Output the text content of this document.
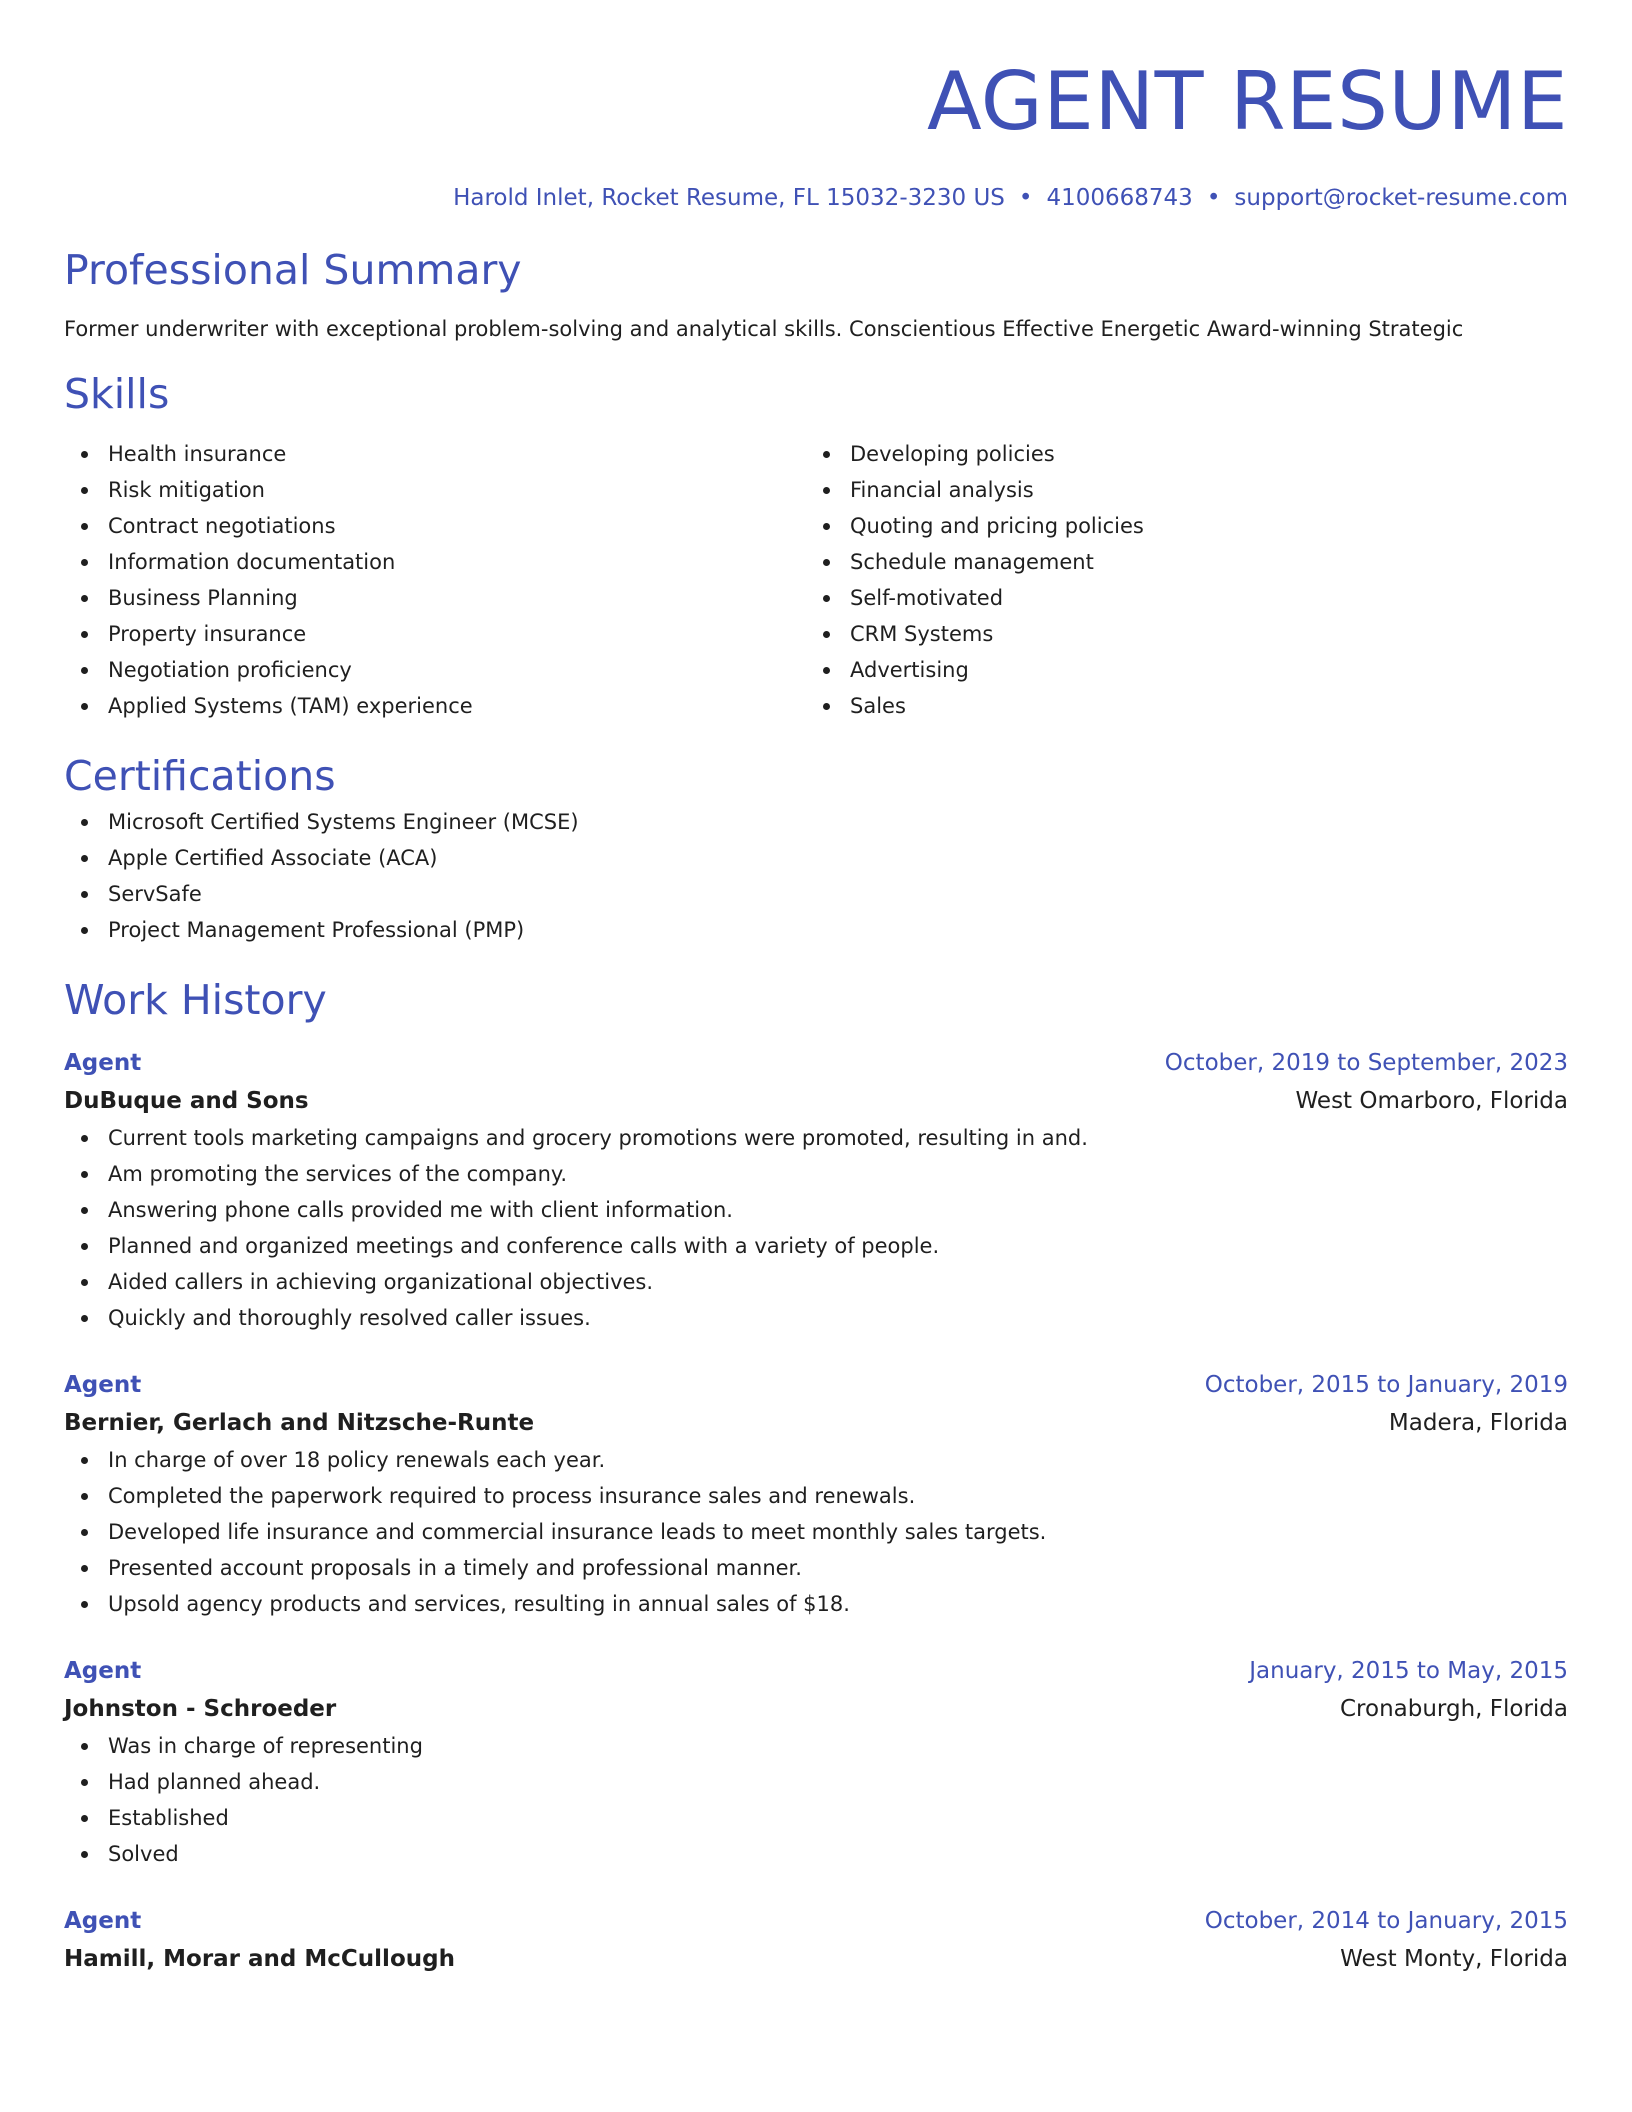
AGENT RESUME
Harold Inlet, Rocket Resume, FL 15032-3230 US • 4100668743 • support@rocket-resume.com
Professional Summary
Former underwriter with exceptional problem-solving and analytical skills. Conscientious Effective Energetic Award-winning Strategic
Skills
Health insurance
Risk mitigation
Contract negotiations
Information documentation
Business Planning
Property insurance
Negotiation proficiency
Applied Systems (TAM) experience
Developing policies
Financial analysis
Quoting and pricing policies
Schedule management
Self-motivated
CRM Systems
Advertising
Sales
Certifications
Microsoft Certified Systems Engineer (MCSE)
Apple Certified Associate (ACA)
ServSafe
Project Management Professional (PMP)
Work History
Agent	October, 2019 to September, 2023
DuBuque and Sons	West Omarboro, Florida
Current tools marketing campaigns and grocery promotions were promoted, resulting in and.
Am promoting the services of the company.
Answering phone calls provided me with client information.
Planned and organized meetings and conference calls with a variety of people.
Aided callers in achieving organizational objectives.
Quickly and thoroughly resolved caller issues.
Agent	October, 2015 to January, 2019
Bernier, Gerlach and Nitzsche-Runte	Madera, Florida
In charge of over 18 policy renewals each year.
Completed the paperwork required to process insurance sales and renewals.
Developed life insurance and commercial insurance leads to meet monthly sales targets.
Presented account proposals in a timely and professional manner.
Upsold agency products and services, resulting in annual sales of $18.
Agent	January, 2015 to May, 2015
Johnston - Schroeder	Cronaburgh, Florida
Was in charge of representing
Had planned ahead.
Established
Solved
Agent	October, 2014 to January, 2015
Hamill, Morar and McCullough	West Monty, Florida
